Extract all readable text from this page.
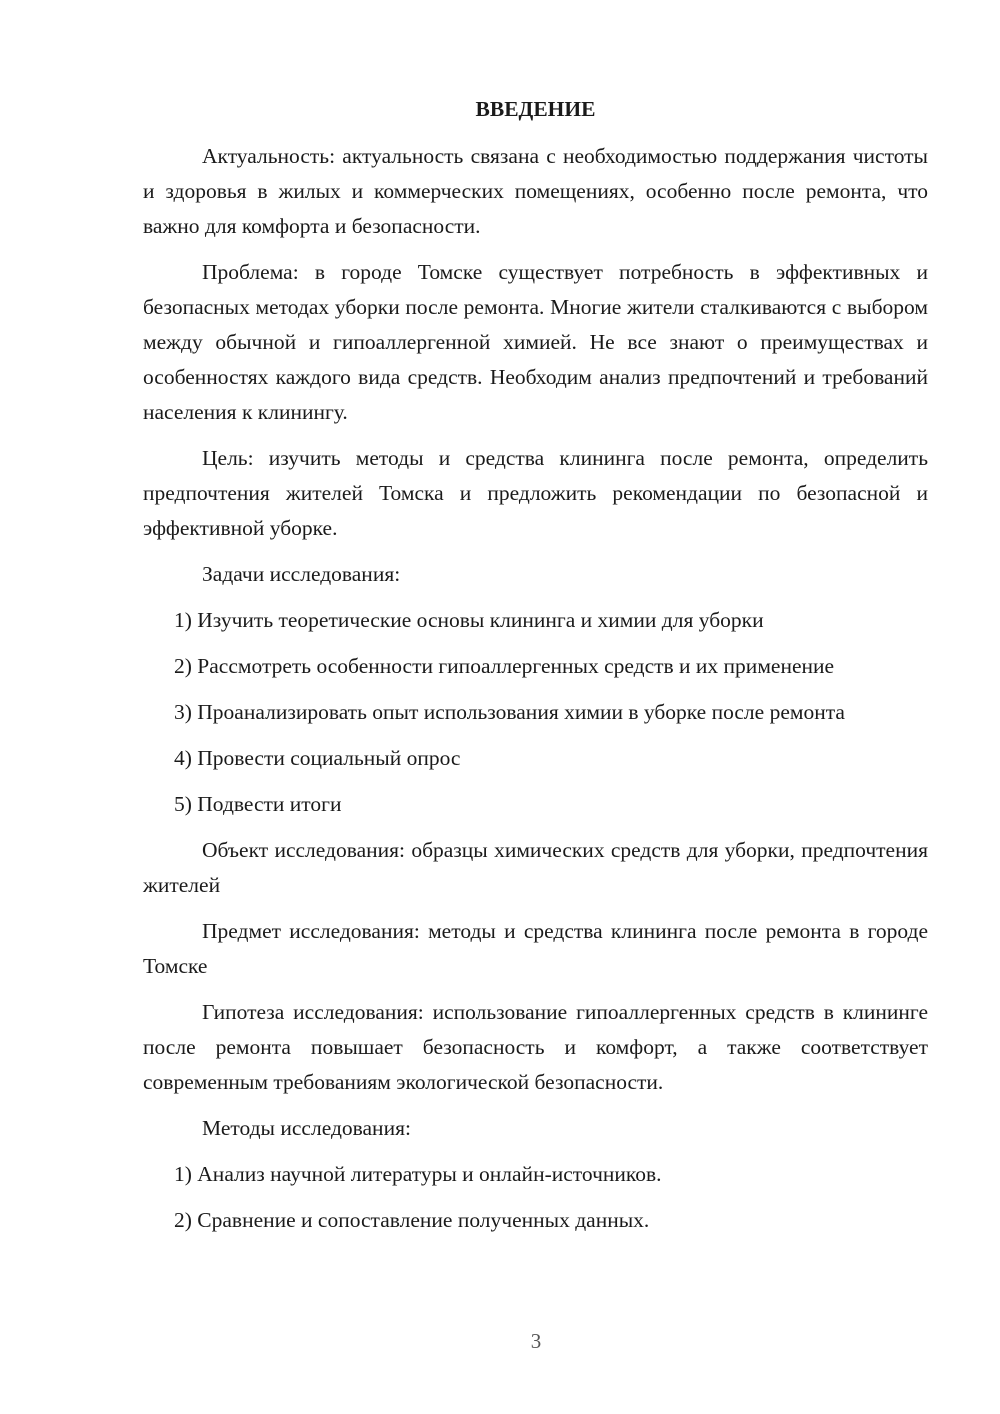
ВВЕДЕНИЕ

Актуальность: актуальность связана с необходимостью поддержания чистоты и здоровья в жилых и коммерческих помещениях, особенно после ремонта, что важно для комфорта и безопасности.

Проблема: в городе Томске существует потребность в эффективных и безопасных методах уборки после ремонта. Многие жители сталкиваются с выбором между обычной и гипоаллергенной химией. Не все знают о преимуществах и особенностях каждого вида средств. Необходим анализ предпочтений и требований населения к клинингу.

Цель: изучить методы и средства клининга после ремонта, определить предпочтения жителей Томска и предложить рекомендации по безопасной и эффективной уборке.

Задачи исследования:

1) Изучить теоретические основы клининга и химии для уборки

2) Рассмотреть особенности гипоаллергенных средств и их применение

3) Проанализировать опыт использования химии в уборке после ремонта

4) Провести социальный опрос

5) Подвести итоги

Объект исследования: образцы химических средств для уборки, предпочтения жителей

Предмет исследования: методы и средства клининга после ремонта в городе Томске

Гипотеза исследования: использование гипоаллергенных средств в клининге после ремонта повышает безопасность и комфорт, а также соответствует современным требованиям экологической безопасности.

Методы исследования:

1) Анализ научной литературы и онлайн-источников.

2) Сравнение и сопоставление полученных данных.

3
